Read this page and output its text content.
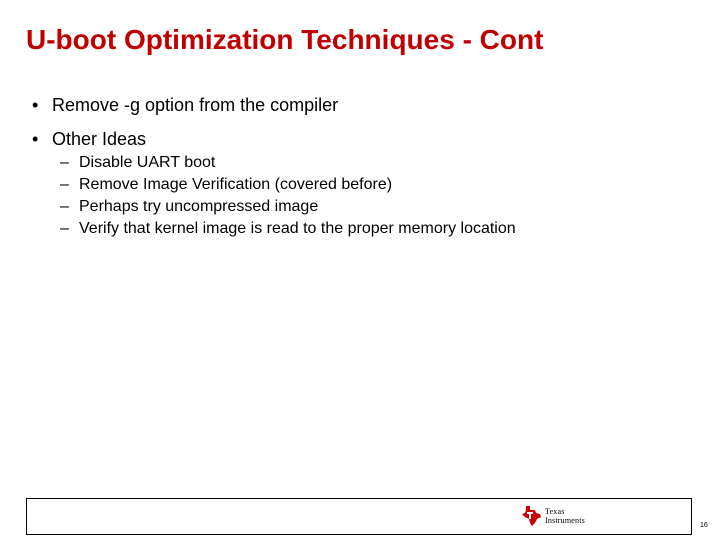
U-boot Optimization Techniques - Cont
• Remove -g option from the compiler
• Other Ideas
– Disable UART boot
– Remove Image Verification (covered before)
– Perhaps try uncompressed image
– Verify that kernel image is read to the proper memory location
Texas
Instruments
16
